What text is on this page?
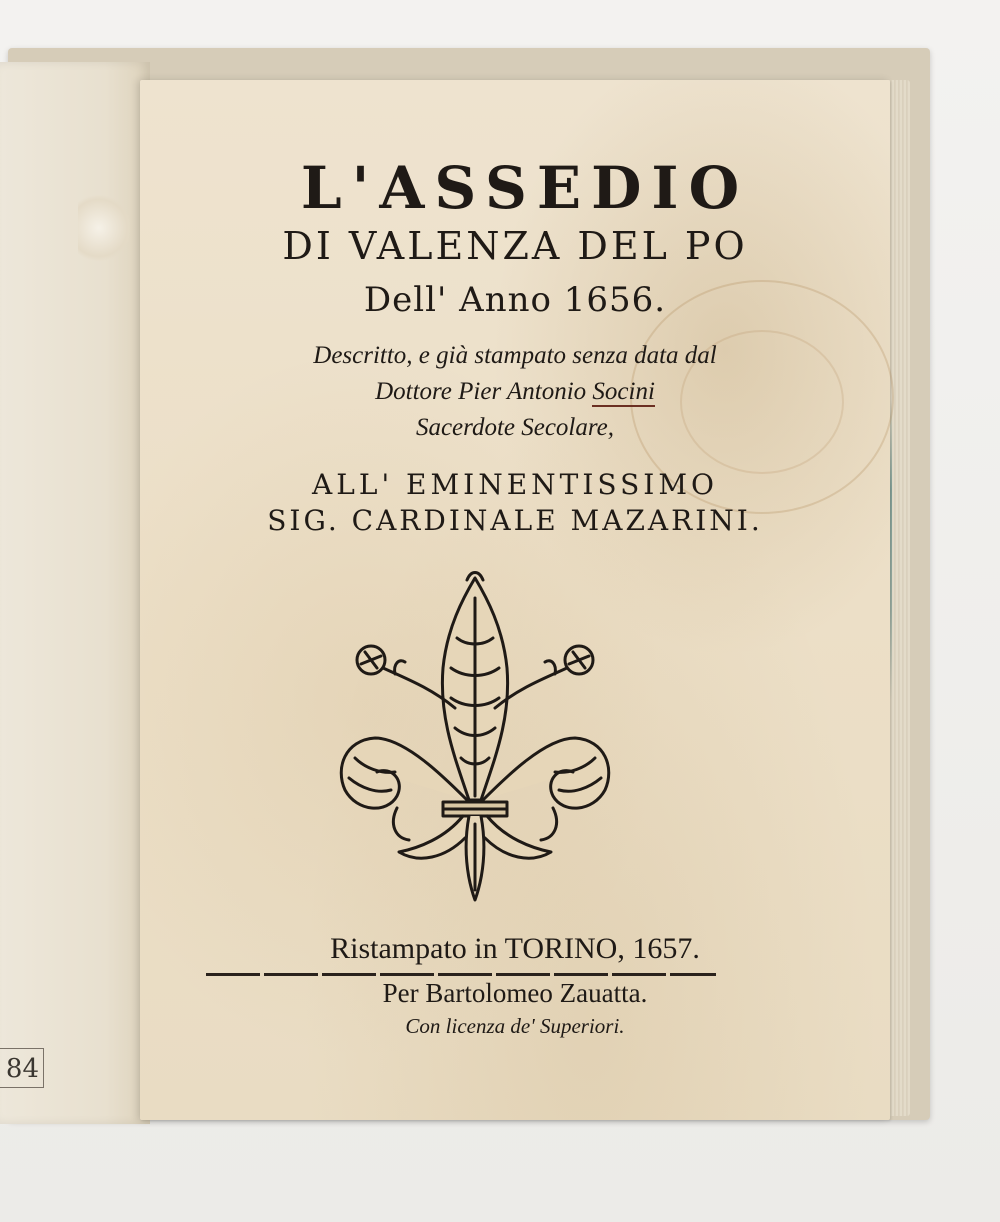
84
L'ASSEDIO
DI VALENZA DEL PO
Dell' Anno 1656.
Descritto, e già stampato senza data dal
Dottore Pier Antonio Socini
Sacerdote Secolare,
ALL' EMINENTISSIMO
SIG. CARDINALE MAZARINI.
Ristampato in TORINO, 1657.
Per Bartolomeo Zauatta.
Con licenza de' Superiori.
